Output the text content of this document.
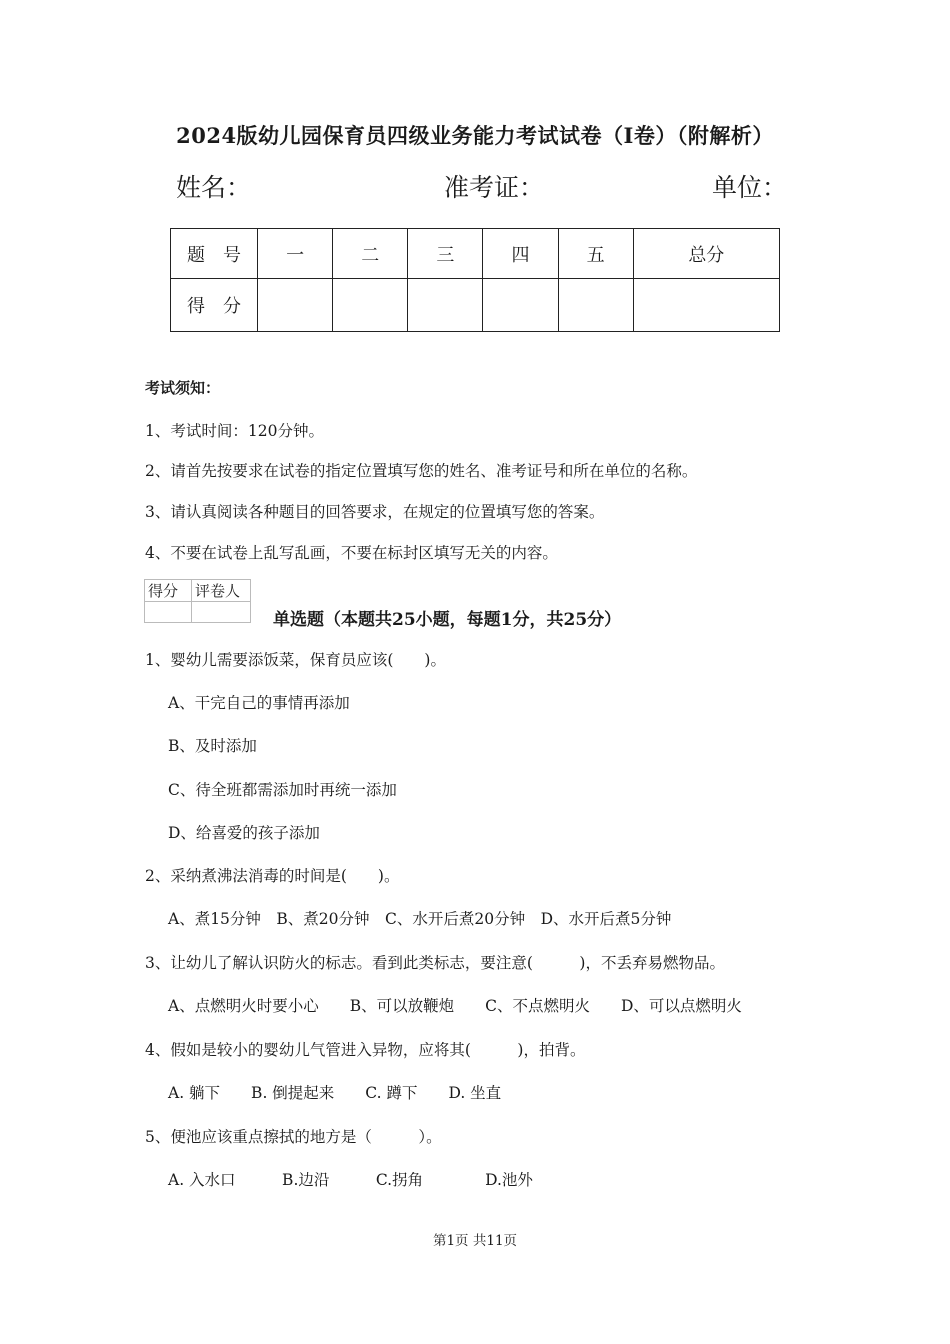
2024版幼儿园保育员四级业务能力考试试卷（I卷）（附解析）
姓名：	准考证：	单位：
题　号	一	二	三	四	五	总分
得　分						
考试须知：
1、考试时间：120分钟。
2、请首先按要求在试卷的指定位置填写您的姓名、准考证号和所在单位的名称。
3、请认真阅读各种题目的回答要求，在规定的位置填写您的答案。
4、不要在试卷上乱写乱画，不要在标封区填写无关的内容。
得分	评卷人

单选题（本题共25小题，每题1分，共25分）
1、婴幼儿需要添饭菜，保育员应该(　　)。
A、干完自己的事情再添加
B、及时添加
C、待全班都需添加时再统一添加
D、给喜爱的孩子添加
2、采纳煮沸法消毒的时间是(　　)。
A、煮15分钟　B、煮20分钟　C、水开后煮20分钟　D、水开后煮5分钟
3、让幼儿了解认识防火的标志。看到此类标志，要注意(　　　)，不丢弃易燃物品。
A、点燃明火时要小心　　B、可以放鞭炮　　C、不点燃明火　　D、可以点燃明火
4、假如是较小的婴幼儿气管进入异物，应将其(　　　)，拍背。
A. 躺下　　B. 倒提起来　　C. 蹲下　　D. 坐直
5、便池应该重点擦拭的地方是（　　　）。
A. 入水口　　　B.边沿　　　C.拐角　　　　D.池外
第1页 共11页
